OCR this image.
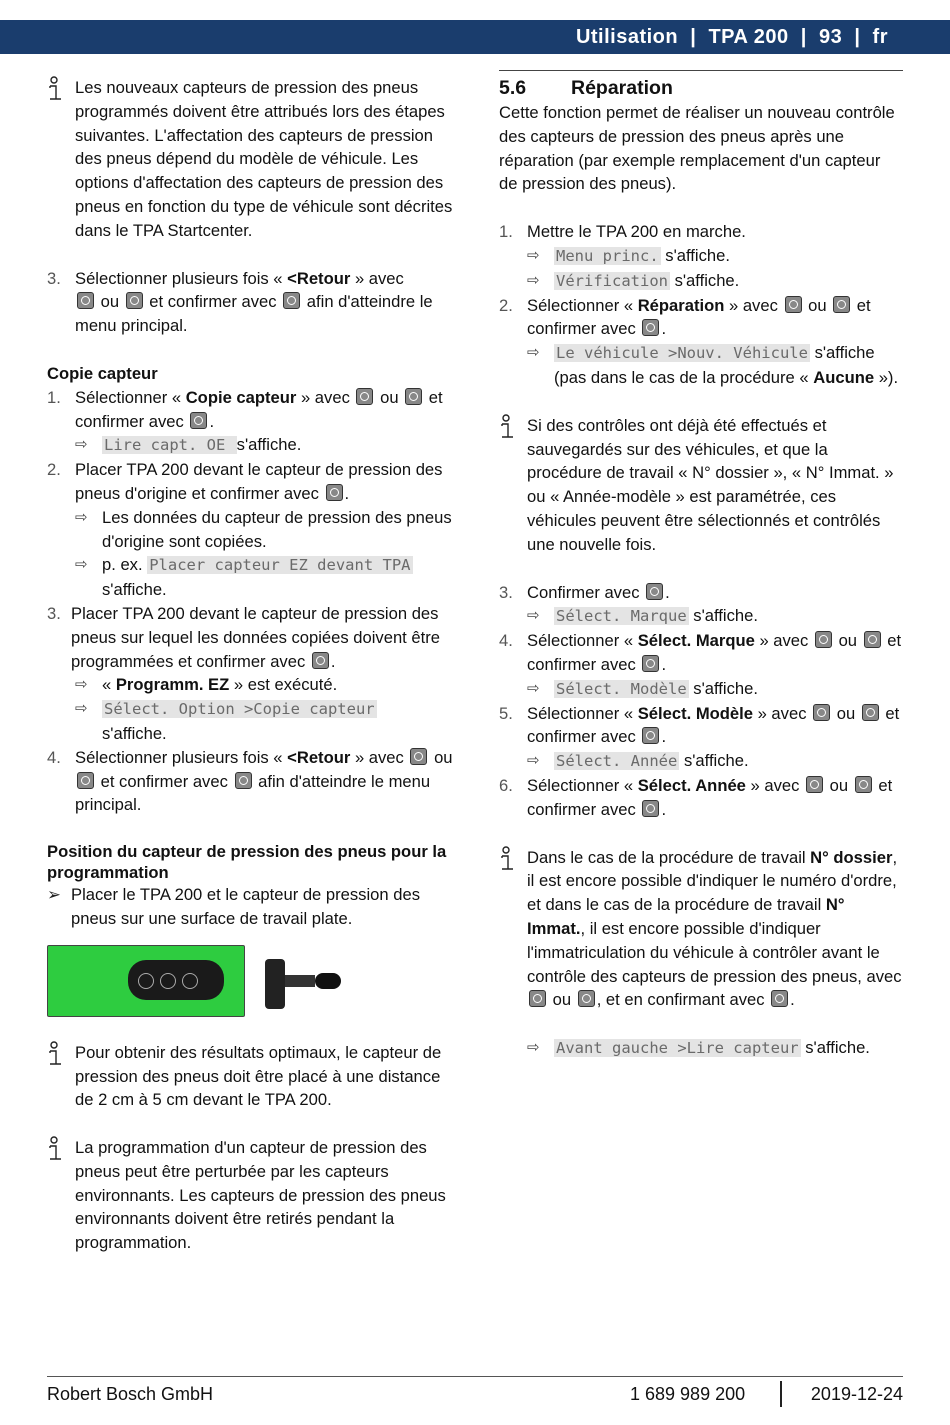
Utilisation  |  TPA 200  |  93  |  fr

Les nouveaux capteurs de pression des pneus programmés doivent être attribués lors des étapes suivantes. L'affectation des capteurs de pression des pneus dépend du modèle de véhicule. Les options d'affectation des capteurs de pression des pneus en fonction du type de véhicule sont décrites dans le TPA Startcenter.

3. Sélectionner plusieurs fois « <Retour » avec
ou  et confirmer avec  afin d'atteindre le menu principal.

Copie capteur

1. Sélectionner « Copie capteur » avec  ou  et confirmer avec .

⇨ Lire capt. OE s'affiche.

2. Placer TPA 200 devant le capteur de pression des pneus d'origine et confirmer avec .

⇨ Les données du capteur de pression des pneus d'origine sont copiées.

⇨ p. ex. Placer capteur EZ devant TPA
s'affiche.

3. Placer TPA 200 devant le capteur de pression des pneus sur lequel les données copiées doivent être programmées et confirmer avec .

⇨ « Programm. EZ » est exécuté.

⇨ Sélect. Option >Copie capteur
s'affiche.

4. Sélectionner plusieurs fois « <Retour » avec  ou  et confirmer avec  afin d'atteindre le menu principal.

Position du capteur de pression des pneus pour la programmation

➢ Placer le TPA 200 et le capteur de pression des pneus sur une surface de travail plate.

Pour obtenir des résultats optimaux, le capteur de pression des pneus doit être placé à une distance de 2 cm à 5 cm devant le TPA 200.

La programmation d'un capteur de pression des pneus peut être perturbée par les capteurs environnants. Les capteurs de pression des pneus environnants doivent être retirés pendant la programmation.

5.6 Réparation

Cette fonction permet de réaliser un nouveau contrôle des capteurs de pression des pneus après une réparation (par exemple remplacement d'un capteur de pression des pneus).

1. Mettre le TPA 200 en marche.

⇨ Menu princ. s'affiche.

⇨ Vérification s'affiche.

2. Sélectionner « Réparation » avec  ou  et confirmer avec .

⇨ Le véhicule >Nouv. Véhicule s'affiche (pas dans le cas de la procédure « Aucune »).

Si des contrôles ont déjà été effectués et sauvegardés sur des véhicules, et que la procédure de travail « N° dossier », « N° Immat. » ou « Année-modèle » est paramétrée, ces véhicules peuvent être sélectionnés et contrôlés une nouvelle fois.

3. Confirmer avec .

⇨ Sélect. Marque s'affiche.

4. Sélectionner « Sélect. Marque » avec  ou  et confirmer avec .

⇨ Sélect. Modèle s'affiche.

5. Sélectionner « Sélect. Modèle » avec  ou  et confirmer avec .

⇨ Sélect. Année s'affiche.

6. Sélectionner « Sélect. Année » avec  ou  et confirmer avec .

Dans le cas de la procédure de travail N° dossier, il est encore possible d'indiquer le numéro d'ordre, et dans le cas de la procédure de travail N° Immat., il est encore possible d'indiquer l'immatriculation du véhicule à contrôler avant le contrôle des capteurs de pression des pneus, avec  ou , et en confirmant avec .

⇨ Avant gauche >Lire capteur s'affiche.

Robert Bosch GmbH	1 689 989 200	2019-12-24
